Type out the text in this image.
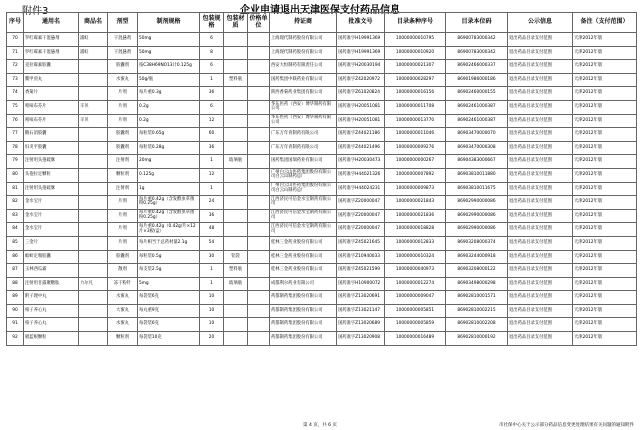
附件3	企业申请退出天津医保支付药品信息
序号	通用名	商品名	剂型	制剂规格	包装规格	包装材质	价格单位	持证商	批准文号	目录条种序号	目录本位码	公示信息	备注（支付范围）
70	罗红霉素干混悬剂	浦虹	干混悬剂	50mg	6			上海现代制药股份有限公司	国药准字H19991369	10000000010795	86900783000342	退出药品目录支付范围	天津2012年版
71	罗红霉素干混悬剂	浦虹	干混悬剂	50mg	8			上海现代制药股份有限公司	国药准字H19991369	10000000010920	86900783000342	退出药品目录支付范围	天津2012年版
72	克拉霉素胶囊		胶囊剂	按C38H69NO13计0.125g	6			西安大恒制药有限责任公司	国药准字H20030194	10000000021307	86902466000337	退出药品目录支付范围	天津2012年版
73	鳖甲煎丸		水蜜丸	50g/瓶	1	塑料瓶		国药集团中联药业有限公司	国药准字Z42020972	10000000028297	86901986000186	退出药品目录支付范围	天津2012年版
74	香菊片		片剂	每片重0.3g	36			陕西香菊药业集团有限公司	国药准字Z61020824	10000000016156	86902460000155	退出药品目录支付范围	天津2012年版
75	吲哚布芬片	辛贝	片剂	0.2g	6			华东医药（西安）博华制药有限公司	国药准字H20051081	10000000011708	86902461000387	退出药品目录支付范围	天津2012年版
76	吲哚布芬片	辛贝	片剂	0.2g	12			华东医药（西安）博华制药有限公司	国药准字H20051081	10000000013770	86902461000387	退出药品目录支付范围	天津2012年版
77	鹅石消胶囊		胶囊剂	每粒装0.65g	60			广东万年青制药有限公司	国药准字Z44021186	10000000011046	86903470000070	退出药品目录支付范围	天津2012年版
78	妇炎平胶囊		胶囊剂	每粒装0.28g	36			广东万年青制药有限公司	国药准字Z44021496	10000000009276	86903470000308	退出药品目录支付范围	天津2012年版
79	注射用头孢硫脒		注射剂	20mg	1	玻璃瓶		国药集团国瑞药业有限公司	国药准字H20030473	10000000000267	86904383000667	退出药品目录支付范围	天津2012年版
80	头孢拉定颗粒		颗粒剂	0.125g	12			广州白云山医药集团股份有限公司白云山制药总厂	国药准字H44021326	10000000007892	86903810011880	退出药品目录支付范围	天津2012年版
81	注射用头孢硫脒		注射剂	1g	1			广州白云山医药集团股份有限公司白云山制药总厂	国药准字H44024231	10000000009873	86903810011675	退出药品目录支付范围	天津2012年版
82	金水宝片		片剂	每片重0.42g（含发酵虫草菌粉0.25g）	24			江西济民可信金水宝制药有限公司	国药准字Z20000047	10000000021843	86902990000086	退出药品目录支付范围	天津2012年版
83	金水宝片		片剂	每片重0.42g（含发酵虫草菌粉0.25g）	36			江西济民可信金水宝制药有限公司	国药准字Z20000047	10000000021836	86902990000086	退出药品目录支付范围	天津2012年版
84	金水宝片		片剂	每片重0.42g（0.42g/片×12片×3板/盒）	48			江西济民可信金水宝制药有限公司	国药准字Z20000047	10000000018828	86902990000086	退出药品目录支付范围	天津2012年版
85	三金片		片剂	每片相当于总药材量2.1g	54			桂林三金药业股份有限公司	国药准字Z45021645	10000000012833	86903208000374	退出药品目录支付范围	天津2012年版
86	蛤蚧定喘胶囊		胶囊剂	每粒装0.5g	30	铝袋		桂林三金药业股份有限公司	国药准字Z10940033	10000000010324	86903244000918	退出药品目录支付范围	天津2012年版
87	玉林西瓜霜		散剂	每支装2.5g	1	塑料瓶		桂林三金药业股份有限公司	国药准字Z45021599	10000000040973	86903208000122	退出药品目录支付范围	天津2012年版
88	注射用甘露聚糖肽	力尔凡	冻干粉针	5mg	1	玻璃瓶		成都利尔药业有限公司	国药准字H10900072	10000000012274	86903498000298	退出药品目录支付范围	天津2012年版
89	附子理中丸		水蜜丸	每袋装6克	10			药都制药集团股份有限公司	国药准字Z13020691	10000000009047	86902810001571	退出药品目录支付范围	天津2012年版
90	柏子养心丸		大蜜丸	每丸重9克	10			药都制药集团股份有限公司	国药准字Z13021147	10000000005851	86902810002215	退出药品目录支付范围	天津2012年版
91	柏子养心丸		水蜜丸	每袋装6克	10			药都制药集团股份有限公司	国药准字Z13020689	10000000005859	86902810002208	退出药品目录支付范围	天津2012年版
92	板蓝根颗粒		颗粒剂	每袋装10克	20			药都制药集团股份有限公司	国药准字Z13020908	10000000016489	86902810000192	退出药品目录支付范围	天津2012年版
第 4 页，共 6 页	市社保中心关于公示部分药品信息变更处理结果有关问题的通知附件
